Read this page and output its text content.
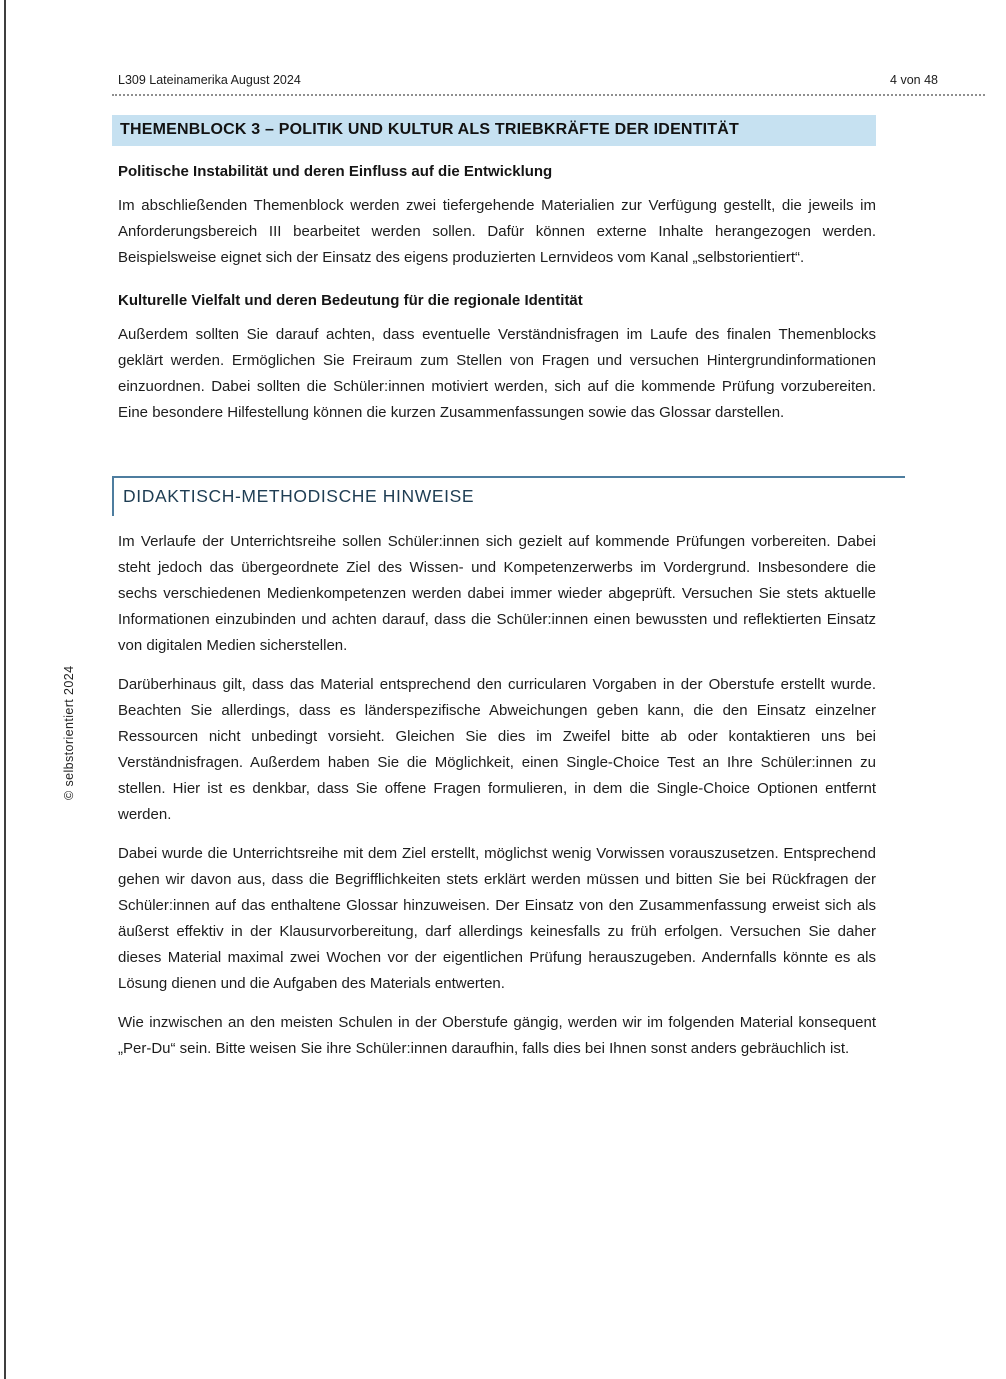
© selbstorientiert 2024
L309 Lateinamerika August 2024	4 von 48
THEMENBLOCK 3 – POLITIK UND KULTUR ALS TRIEBKRÄFTE DER IDENTITÄT
Politische Instabilität und deren Einfluss auf die Entwicklung

Im abschließenden Themenblock werden zwei tiefergehende Materialien zur Verfügung gestellt, die jeweils im Anforderungsbereich III bearbeitet werden sollen. Dafür können externe Inhalte herangezogen werden. Beispielsweise eignet sich der Einsatz des eigens produzierten Lernvideos vom Kanal „selbstorientiert“.

Kulturelle Vielfalt und deren Bedeutung für die regionale Identität

Außerdem sollten Sie darauf achten, dass eventuelle Verständnisfragen im Laufe des finalen Themenblocks geklärt werden. Ermöglichen Sie Freiraum zum Stellen von Fragen und versuchen Hintergrundinformationen einzuordnen. Dabei sollten die Schüler:innen motiviert werden, sich auf die kommende Prüfung vorzubereiten. Eine besondere Hilfestellung können die kurzen Zusammenfassungen sowie das Glossar darstellen.

DIDAKTISCH-METHODISCHE HINWEISE

Im Verlaufe der Unterrichtsreihe sollen Schüler:innen sich gezielt auf kommende Prüfungen vorbereiten. Dabei steht jedoch das übergeordnete Ziel des Wissen- und Kompetenzerwerbs im Vordergrund. Insbesondere die sechs verschiedenen Medienkompetenzen werden dabei immer wieder abgeprüft. Versuchen Sie stets aktuelle Informationen einzubinden und achten darauf, dass die Schüler:innen einen bewussten und reflektierten Einsatz von digitalen Medien sicherstellen.

Darüberhinaus gilt, dass das Material entsprechend den curricularen Vorgaben in der Oberstufe erstellt wurde. Beachten Sie allerdings, dass es länderspezifische Abweichungen geben kann, die den Einsatz einzelner Ressourcen nicht unbedingt vorsieht. Gleichen Sie dies im Zweifel bitte ab oder kontaktieren uns bei Verständnisfragen. Außerdem haben Sie die Möglichkeit, einen Single-Choice Test an Ihre Schüler:innen zu stellen. Hier ist es denkbar, dass Sie offene Fragen formulieren, in dem die Single-Choice Optionen entfernt werden.

Dabei wurde die Unterrichtsreihe mit dem Ziel erstellt, möglichst wenig Vorwissen vorauszusetzen. Entsprechend gehen wir davon aus, dass die Begrifflichkeiten stets erklärt werden müssen und bitten Sie bei Rückfragen der Schüler:innen auf das enthaltene Glossar hinzuweisen. Der Einsatz von den Zusammenfassung erweist sich als äußerst effektiv in der Klausurvorbereitung, darf allerdings keinesfalls zu früh erfolgen. Versuchen Sie daher dieses Material maximal zwei Wochen vor der eigentlichen Prüfung herauszugeben. Andernfalls könnte es als Lösung dienen und die Aufgaben des Materials entwerten.

Wie inzwischen an den meisten Schulen in der Oberstufe gängig, werden wir im folgenden Material konsequent „Per-Du“ sein. Bitte weisen Sie ihre Schüler:innen daraufhin, falls dies bei Ihnen sonst anders gebräuchlich ist.
